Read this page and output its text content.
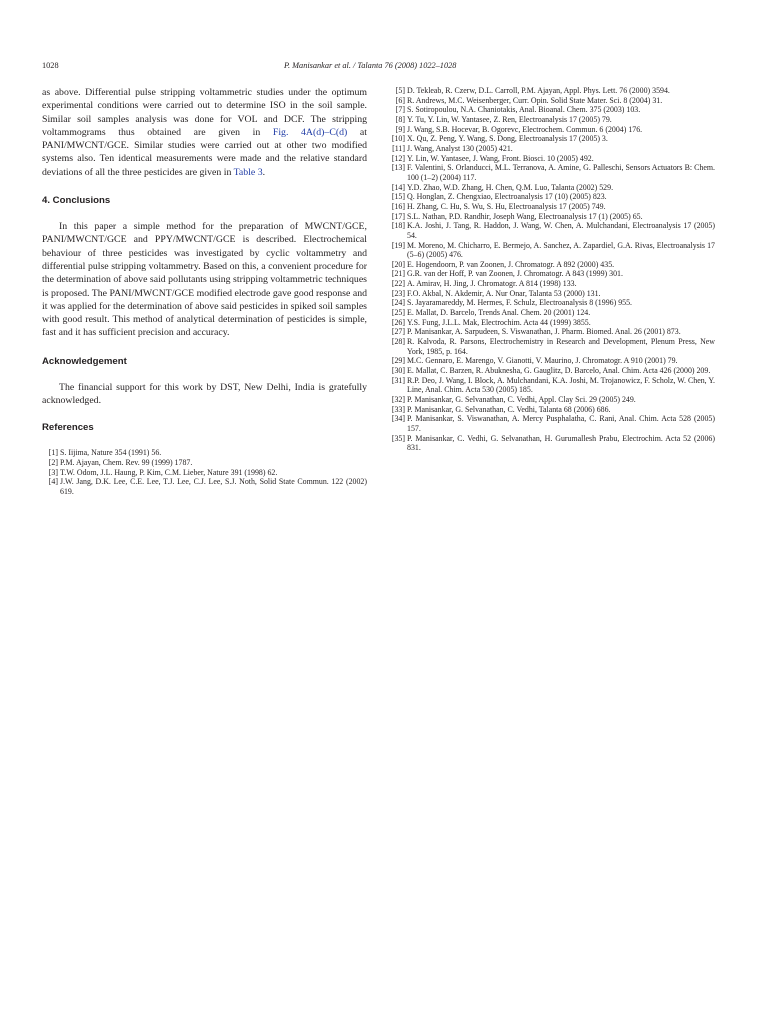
1028	P. Manisankar et al. / Talanta 76 (2008) 1022–1028

as above. Differential pulse stripping voltammetric studies under the optimum experimental conditions were carried out to determine ISO in the soil sample. Similar soil samples analysis was done for VOL and DCF. The stripping voltammograms thus obtained are given in Fig. 4A(d)–C(d) at PANI/MWCNT/GCE. Similar studies were carried out at other two modified systems also. Ten identical measurements were made and the relative standard deviations of all the three pesticides are given in Table 3.

4. Conclusions

In this paper a simple method for the preparation of MWCNT/GCE, PANI/MWCNT/GCE and PPY/MWCNT/GCE is described. Electrochemical behaviour of three pesticides was investigated by cyclic voltammetry and differential pulse stripping voltammetry. Based on this, a convenient procedure for the determination of above said pollutants using stripping voltammetric techniques is proposed. The PANI/MWCNT/GCE modified electrode gave good response and it was applied for the determination of above said pesticides in spiked soil samples with good result. This method of analytical determination of pesticides is simple, fast and it has sufficient precision and accuracy.

Acknowledgement

The financial support for this work by DST, New Delhi, India is gratefully acknowledged.

References
[1] S. Iijima, Nature 354 (1991) 56.
[2] P.M. Ajayan, Chem. Rev. 99 (1999) 1787.
[3] T.W. Odom, J.L. Haung, P. Kim, C.M. Lieber, Nature 391 (1998) 62.
[4] J.W. Jang, D.K. Lee, C.E. Lee, T.J. Lee, C.J. Lee, S.J. Noth, Solid State Commun. 122 (2002) 619.
[5] D. Tekleab, R. Czerw, D.L. Carroll, P.M. Ajayan, Appl. Phys. Lett. 76 (2000) 3594.
[6] R. Andrews, M.C. Weisenberger, Curr. Opin. Solid State Mater. Sci. 8 (2004) 31.
[7] S. Sotiropoulou, N.A. Chaniotakis, Anal. Bioanal. Chem. 375 (2003) 103.
[8] Y. Tu, Y. Lin, W. Yantasee, Z. Ren, Electroanalysis 17 (2005) 79.
[9] J. Wang, S.B. Hocevar, B. Ogorevc, Electrochem. Commun. 6 (2004) 176.
[10] X. Qu, Z. Peng, Y. Wang, S. Dong, Electroanalysis 17 (2005) 3.
[11] J. Wang, Analyst 130 (2005) 421.
[12] Y. Lin, W. Yantasee, J. Wang, Front. Biosci. 10 (2005) 492.
[13] F. Valentini, S. Orlanducci, M.L. Terranova, A. Amine, G. Palleschi, Sensors Actuators B: Chem. 100 (1–2) (2004) 117.
[14] Y.D. Zhao, W.D. Zhang, H. Chen, Q.M. Luo, Talanta (2002) 529.
[15] Q. Honglan, Z. Chengxiao, Electroanalysis 17 (10) (2005) 823.
[16] H. Zhang, C. Hu, S. Wu, S. Hu, Electroanalysis 17 (2005) 749.
[17] S.L. Nathan, P.D. Randhir, Joseph Wang, Electroanalysis 17 (1) (2005) 65.
[18] K.A. Joshi, J. Tang, R. Haddon, J. Wang, W. Chen, A. Mulchandani, Electroanalysis 17 (2005) 54.
[19] M. Moreno, M. Chicharro, E. Bermejo, A. Sanchez, A. Zapardiel, G.A. Rivas, Electroanalysis 17 (5–6) (2005) 476.
[20] E. Hogendoorn, P. van Zoonen, J. Chromatogr. A 892 (2000) 435.
[21] G.R. van der Hoff, P. van Zoonen, J. Chromatogr. A 843 (1999) 301.
[22] A. Amirav, H. Jing, J. Chromatogr. A 814 (1998) 133.
[23] F.O. Akbal, N. Akdemir, A. Nur Onar, Talanta 53 (2000) 131.
[24] S. Jayaramareddy, M. Hermes, F. Schulz, Electroanalysis 8 (1996) 955.
[25] E. Mallat, D. Barcelo, Trends Anal. Chem. 20 (2001) 124.
[26] Y.S. Fung, J.L.L. Mak, Electrochim. Acta 44 (1999) 3855.
[27] P. Manisankar, A. Sarpudeen, S. Viswanathan, J. Pharm. Biomed. Anal. 26 (2001) 873.
[28] R. Kalvoda, R. Parsons, Electrochemistry in Research and Development, Plenum Press, New York, 1985, p. 164.
[29] M.C. Gennaro, E. Marengo, V. Gianotti, V. Maurino, J. Chromatogr. A 910 (2001) 79.
[30] E. Mallat, C. Barzen, R. Abuknesha, G. Gauglitz, D. Barcelo, Anal. Chim. Acta 426 (2000) 209.
[31] R.P. Deo, J. Wang, I. Block, A. Mulchandani, K.A. Joshi, M. Trojanowicz, F. Scholz, W. Chen, Y. Line, Anal. Chim. Acta 530 (2005) 185.
[32] P. Manisankar, G. Selvanathan, C. Vedhi, Appl. Clay Sci. 29 (2005) 249.
[33] P. Manisankar, G. Selvanathan, C. Vedhi, Talanta 68 (2006) 686.
[34] P. Manisankar, S. Viswanathan, A. Mercy Pusphalatha, C. Rani, Anal. Chim. Acta 528 (2005) 157.
[35] P. Manisankar, C. Vedhi, G. Selvanathan, H. Gurumallesh Prabu, Electrochim. Acta 52 (2006) 831.
